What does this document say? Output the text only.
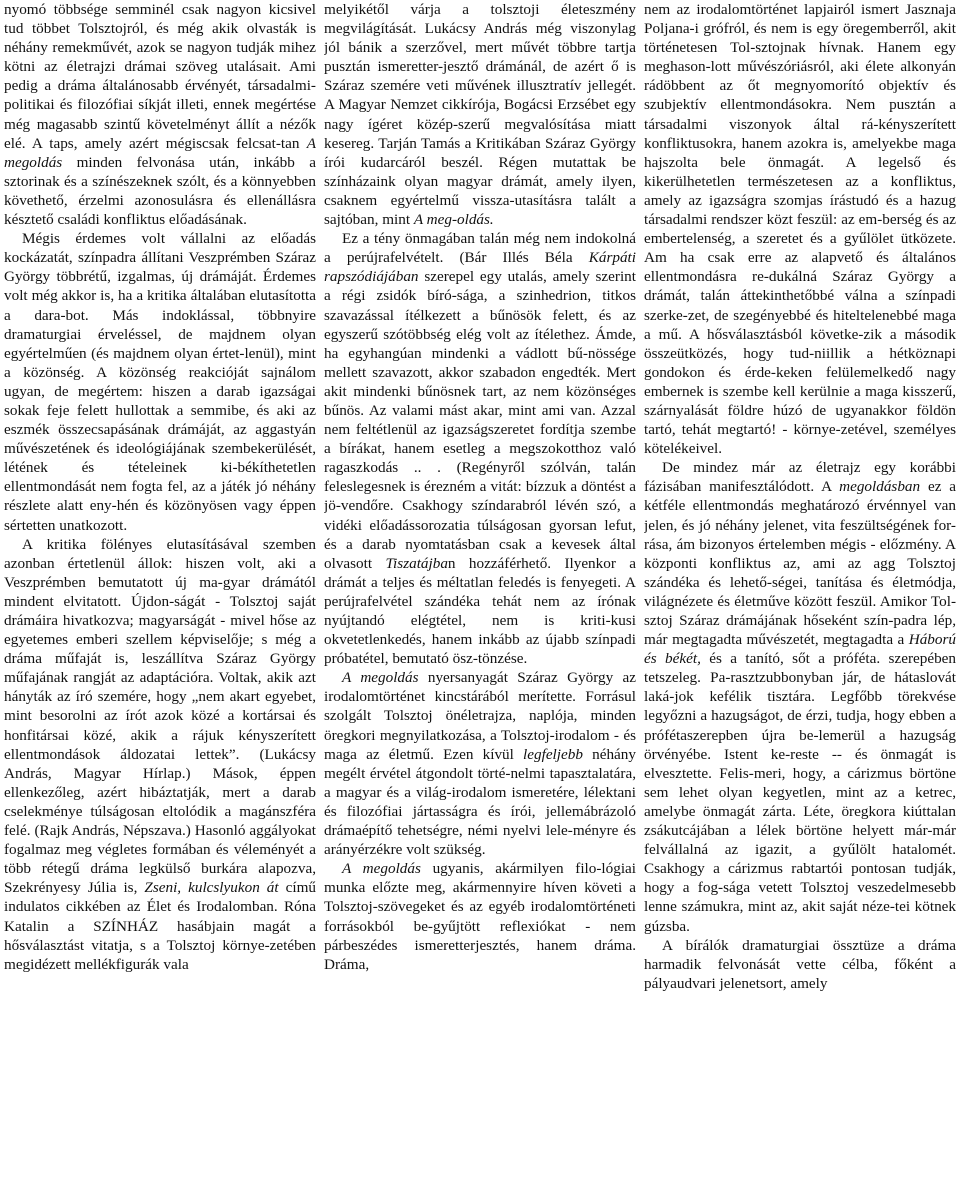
nyomó többsége semminél csak nagyon kicsivel tud többet Tolsztojról, és még akik olvasták is néhány remekművét, azok se nagyon tudják mihez kötni az életrajzi drámai szöveg utalásait. Ami pedig a dráma általánosabb érvényét, társadalmi-politikai és filozófiai síkját illeti, ennek megértése még magasabb szintű követelményt állít a nézők elé. A taps, amely azért mégiscsak felcsat-tan A megoldás minden felvonása után, inkább a sztorinak és a színészeknek szólt, és a könnyebben követhető, érzelmi azonosulásra és ellenállásra késztető családi konfliktus előadásának.

Mégis érdemes volt vállalni az előadás kockázatát, színpadra állítani Veszprémben Száraz György többrétű, izgalmas, új drámáját. Érdemes volt még akkor is, ha a kritika általában elutasította a dara-bot. Más indoklással, többnyire dramaturgiai érveléssel, de majdnem olyan egyértelműen (és majdnem olyan értet-lenül), mint a közönség. A közönség reakcióját sajnálom ugyan, de megértem: hiszen a darab igazságai sokak feje felett hullottak a semmibe, és aki az eszmék összecsapásának drámáját, az aggastyán művészetének és ideológiájának szembekerülését, létének és tételeinek ki-békíthetetlen ellentmondását nem fogta fel, az a játék jó néhány részlete alatt eny-hén és közönyösen vagy éppen sértetten unatkozott.

A kritika fölényes elutasításával szemben azonban értetlenül állok: hiszen volt, aki a Veszprémben bemutatott új ma-gyar drámától mindent elvitatott. Újdon-ságát - Tolsztoj saját drámáira hivatkozva; magyarságát - mivel hőse az egyetemes emberi szellem képviselője; s még a dráma műfaját is, leszállítva Száraz György műfajának rangját az adaptációra. Voltak, akik azt hányták az író szemére, hogy „nem akart egyebet, mint besorolni az írót azok közé a kortársai és honfitársai közé, akik a rájuk kényszerített ellentmondások áldozatai lettek”. (Lukácsy András, Magyar Hírlap.) Mások, éppen ellenkezőleg, azért hibáztatják, mert a darab cselekménye túlságosan eltolódik a magánszféra felé. (Rajk András, Népszava.) Hasonló aggályokat fogalmaz meg végletes formában és véleményét a több rétegű dráma legkülső burkára alapozva, Szekrényesy Júlia is, Zseni, kulcslyukon át című indulatos cikkében az Élet és Irodalomban. Róna Katalin a SZÍNHÁZ hasábjain magát a hősválasztást vitatja, s a Tolsztoj környe-zetében megidézett mellékfigurák vala

melyikétől várja a tolsztoji életeszmény megvilágítását. Lukácsy András még viszonylag jól bánik a szerzővel, mert művét többre tartja pusztán ismeretter-jesztő drámánál, de azért ő is Száraz szemére veti művének illusztratív jellegét. A Magyar Nemzet cikkírója, Bogácsi Erzsébet egy nagy ígéret közép-szerű megvalósítása miatt kesereg. Tarján Tamás a Kritikában Száraz György írói kudarcáról beszél. Régen mutattak be színházaink olyan magyar drámát, amely ilyen, csaknem egyértelmű vissza-utasításra talált a sajtóban, mint A meg-oldás.

Ez a tény önmagában talán még nem indokolná a perújrafelvételt. (Bár Illés Béla Kárpáti rapszódiájában szerepel egy utalás, amely szerint a régi zsidók bíró-sága, a szinhedrion, titkos szavazással ítélkezett a bűnösök felett, és az egyszerű szótöbbség elég volt az ítélethez. Ámde, ha egyhangúan mindenki a vádlott bű-nössége mellett szavazott, akkor szabadon engedték. Mert akit mindenki bűnösnek tart, az nem közönséges bűnös. Az valami mást akar, mint ami van. Azzal nem feltétlenül az igazságszeretet fordítja szembe a bírákat, hanem esetleg a megszokotthoz való ragaszkodás .. . (Regényről szólván, talán feleslegesnek is érezném a vitát: bízzuk a döntést a jö-vendőre. Csakhogy színdarabról lévén szó, a vidéki előadássorozatia túlságosan gyorsan lefut, és a darab nyomtatásban csak a kevesek által olvasott Tiszatájban hozzáférhető. Ilyenkor a drámát a teljes és méltatlan feledés is fenyegeti. A perújrafelvétel szándéka tehát nem az írónak nyújtandó elégtétel, nem is kriti-kusi okvetetlenkedés, hanem inkább az újabb színpadi próbatétel, bemutató ösz-tönzése.

A megoldás nyersanyagát Száraz György az irodalomtörténet kincstárából merítette. Forrásul szolgált Tolsztoj önéletrajza, naplója, minden öregkori megnyilatkozása, a Tolsztoj-irodalom - és maga az életmű. Ezen kívül legfeljebb néhány megélt érvétel átgondolt törté-nelmi tapasztalatára, a magyar és a világ-irodalom ismeretére, lélektani és filozófiai jártasságra és írói, jellemábrázoló drámaépítő tehetségre, némi nyelvi lele-ményre és arányérzékre volt szükség.

A megoldás ugyanis, akármilyen filo-lógiai munka előzte meg, akármennyire híven követi a Tolsztoj-szövegeket és az egyéb irodalomtörténeti forrásokból be-gyűjtött reflexiókat - nem párbeszédes ismeretterjesztés, hanem dráma. Dráma,

nem az irodalomtörténet lapjairól ismert Jasznaja Poljana-i grófról, és nem is egy öregemberről, akit történetesen Tol-sztojnak hívnak. Hanem egy meghason-lott művészóriásról, aki élete alkonyán rádöbbent az őt megnyomorító objektív és szubjektív ellentmondásokra. Nem pusztán a társadalmi viszonyok által rá-kényszerített konfliktusokra, hanem azokra is, amelyekbe maga hajszolta bele önmagát. A legelső és kikerülhetetlen természetesen az a konfliktus, amely az igazságra szomjas írástudó és a hazug társadalmi rendszer közt feszül: az em-berség és az embertelenség, a szeretet és a gyűlölet ütközete. Am ha csak erre az alapvető és általános ellentmondásra re-dukálná Száraz György a drámát, talán áttekinthetőbbé válna a színpadi szerke-zet, de szegényebbé és hiteltelenebbé maga a mű. A hősválasztásból követke-zik a második összeütközés, hogy tud-niillik a hétköznapi gondokon és érde-keken felülemelkedő nagy embernek is szembe kell kerülnie a maga kisszerű, szárnyalását földre húzó de ugyanakkor földön tartó, tehát megtartó! - környe-zetével, személyes kötelékeivel.

De mindez már az életrajz egy korábbi fázisában manifesztálódott. A megoldásban ez a kétféle ellentmondás meghatározó érvénnyel van jelen, és jó néhány jelenet, vita feszültségének for-rása, ám bizonyos értelemben mégis - előzmény. A központi konfliktus az, ami az agg Tolsztoj szándéka és lehető-ségei, tanítása és életmódja, világnézete és életműve között feszül. Amikor Tol-sztoj Száraz drámájának hőseként szín-padra lép, már megtagadta művészetét, megtagadta a Háború és békét, és a tanító, sőt a próféta. szerepében tetszeleg. Pa-rasztzubbonyban jár, de hátaslovát laká-jok kefélik tisztára. Legfőbb törekvése legyőzni a hazugságot, de érzi, tudja, hogy ebben a prófétaszerepben újra be-lemerül a hazugság örvényébe. Istent ke-reste -- és önmagát is elvesztette. Felis-meri, hogy, a cárizmus börtöne sem lehet olyan kegyetlen, mint az a ketrec, amelybe önmagát zárta. Léte, öregkora kiúttalan zsákutcájában a lélek börtöne helyett már-már felvállalná az igazit, a gyűlölt hatalomét. Csakhogy a cárizmus rabtartói pontosan tudják, hogy a fog-sága vetett Tolsztoj veszedelmesebb lenne számukra, mint az, akit saját néze-tei kötnek gúzsba.

A bírálók dramaturgiai össztüze a dráma harmadik felvonását vette célba, főként a pályaudvari jelenetsort, amely
